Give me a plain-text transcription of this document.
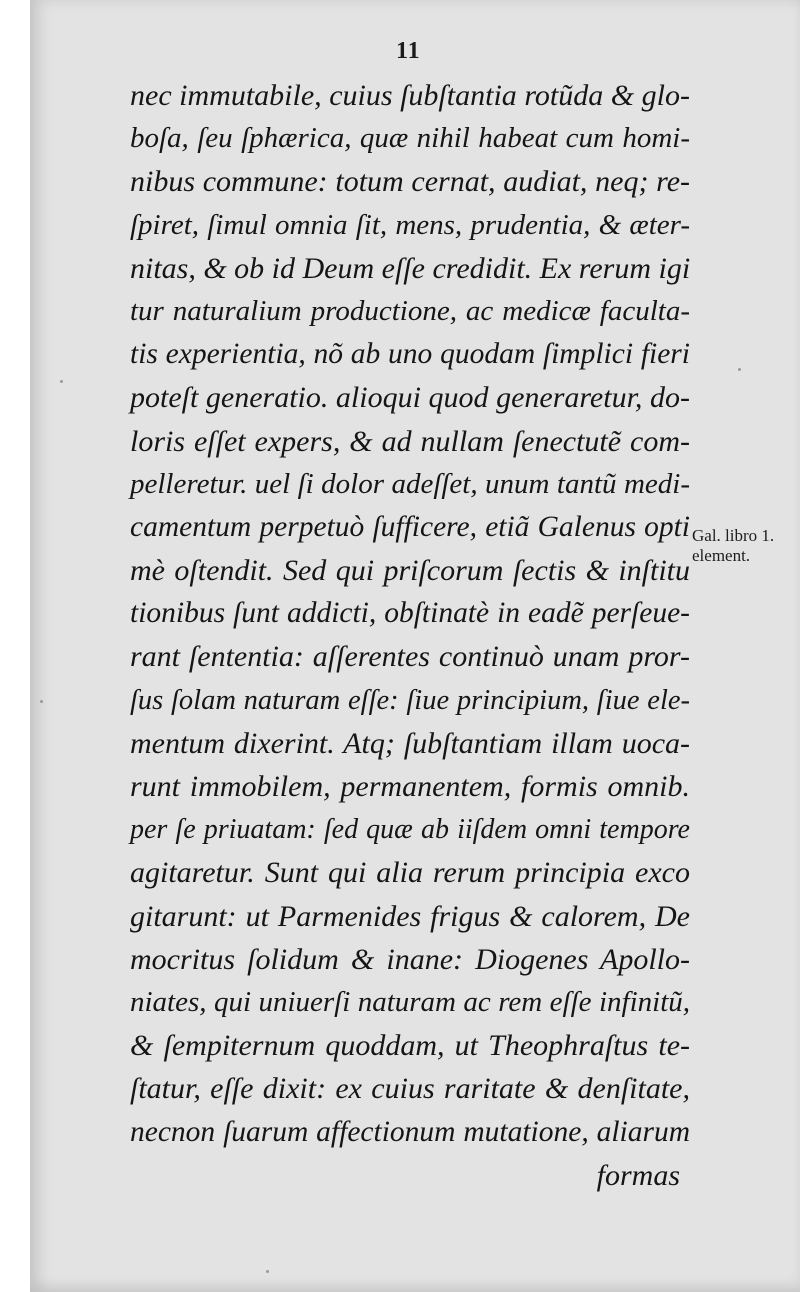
11
nec immutabile, cuius ſubſtantia rotũda & glo-
boſa, ſeu ſphærica, quæ nihil habeat cum homi-
nibus commune: totum cernat, audiat, neq; re-
ſpiret, ſimul omnia ſit, mens, prudentia, & æter-
nitas, & ob id Deum eſſe credidit. Ex rerum igi
tur naturalium productione, ac medicæ faculta-
tis experientia, nõ ab uno quodam ſimplici fieri
poteſt generatio. alioqui quod generaretur, do-
loris eſſet expers, & ad nullam ſenectutẽ com-
pelleretur. uel ſi dolor adeſſet, unum tantũ medi-
camentum perpetuò ſufficere, etiã Galenus opti
mè oſtendit. Sed qui priſcorum ſectis & inſtitu
tionibus ſunt addicti, obſtinatè in eadẽ perſeue-
rant ſententia: aſſerentes continuò unam pror-
ſus ſolam naturam eſſe: ſiue principium, ſiue ele-
mentum dixerint. Atq; ſubſtantiam illam uoca-
runt immobilem, permanentem, formis omnib.
per ſe priuatam: ſed quæ ab iiſdem omni tempore
agitaretur. Sunt qui alia rerum principia exco
gitarunt: ut Parmenides frigus & calorem, De
mocritus ſolidum & inane: Diogenes Apollo-
niates, qui uniuerſi naturam ac rem eſſe infinitũ,
& ſempiternum quoddam, ut Theophraſtus te-
ſtatur, eſſe dixit: ex cuius raritate & denſitate,
necnon ſuarum affectionum mutatione, aliarum
formas
Gal. libro 1.
element.
